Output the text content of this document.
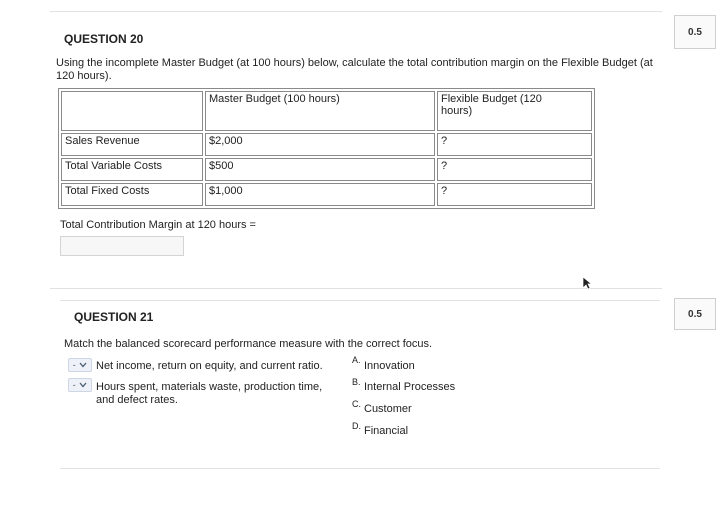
0.5
QUESTION 20
Using the incomplete Master Budget (at 100 hours) below, calculate the total contribution margin on the Flexible Budget (at 120 hours).
	Master Budget (100 hours)	Flexible Budget (120 hours)
Sales Revenue	$2,000	?
Total Variable Costs	$500	?
Total Fixed Costs	$1,000	?
Total Contribution Margin at 120 hours =
0.5
QUESTION 21
Match the balanced scorecard performance measure with the correct focus.
- Net income, return on equity, and current ratio.
- Hours spent, materials waste, production time, and defect rates.
A. Innovation
B. Internal Processes
C. Customer
D. Financial
